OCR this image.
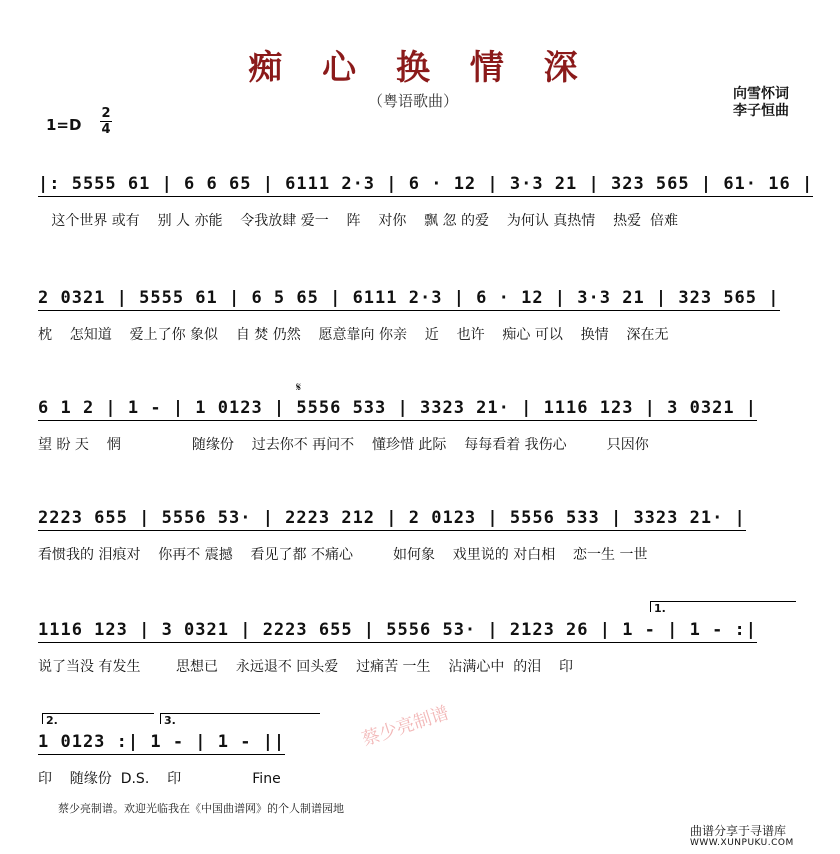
痴 心 换 情 深
（粤语歌曲）	向雪怀词
李子恒曲
$1=D \frac{2}{4}$
|: 5555 61 | 6 6 65 | 6111 2·3 | 6 · 12 | 3·3 21 | 323 565 | 61· 16 |
这个世界 或有    别 人 亦能    令我放肆 爱一    阵    对你    飘 忽 的爱    为何认 真热情    热爱  倍难
2 0321 | 5555 61 | 6 5 65 | 6111 2·3 | 6 · 12 | 3·3 21 | 323 565 |
枕    怎知道    爱上了你 象似    自 焚 仍然    愿意靠向 你亲    近    也许    痴心 可以    换情    深在无
𝄋
6 1 2 | 1 - | 1 0123 | 5556 533 | 3323 21· | 1116 123 | 3 0321 |
望 盼 天    惘                随缘份    过去你不 再问不    懂珍惜 此际    每每看着 我伤心         只因你
2223 655 | 5556 53· | 2223 212 | 2 0123 | 5556 533 | 3323 21· |
看惯我的 泪痕对    你再不 震撼    看见了都 不痛心         如何象    戏里说的 对白相    恋一生 一世
1.
1116 123 | 3 0321 | 2223 655 | 5556 53· | 2123 26 | 1 - | 1 - :|
说了当没 有发生        思想已    永远退不 回头爱    过痛苦 一生    沾满心中  的泪    印
2.	3.
1 0123 :| 1 - | 1 - ||
印    随缘份  D.S.    印                Fine
蔡少亮制谱
蔡少亮制谱。欢迎光临我在《中国曲谱网》的个人制谱园地
曲谱分享于寻谱库
WWW.XUNPUKU.COM
